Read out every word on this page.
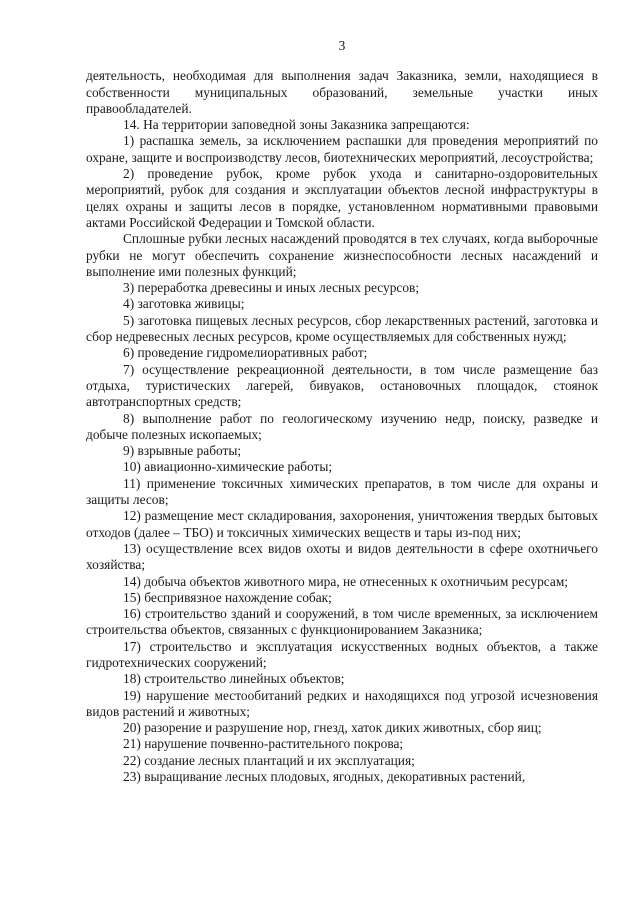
3

деятельность, необходимая для выполнения задач Заказника, земли, находящиеся в собственности муниципальных образований, земельные участки иных правообладателей.

14. На территории заповедной зоны Заказника запрещаются:

1) распашка земель, за исключением распашки для проведения мероприятий по охране, защите и воспроизводству лесов, биотехнических мероприятий, лесоустройства;

2) проведение рубок, кроме рубок ухода и санитарно-оздоровительных мероприятий, рубок для создания и эксплуатации объектов лесной инфраструктуры в целях охраны и защиты лесов в порядке, установленном нормативными правовыми актами Российской Федерации и Томской области.

Сплошные рубки лесных насаждений проводятся в тех случаях, когда выборочные рубки не могут обеспечить сохранение жизнеспособности лесных насаждений и выполнение ими полезных функций;

3) переработка древесины и иных лесных ресурсов;

4) заготовка живицы;

5) заготовка пищевых лесных ресурсов, сбор лекарственных растений, заготовка и сбор недревесных лесных ресурсов, кроме осуществляемых для собственных нужд;

6) проведение гидромелиоративных работ;

7) осуществление рекреационной деятельности, в том числе размещение баз отдыха, туристических лагерей, бивуаков, остановочных площадок, стоянок автотранспортных средств;

8) выполнение работ по геологическому изучению недр, поиску, разведке и добыче полезных ископаемых;

9) взрывные работы;

10) авиационно-химические работы;

11) применение токсичных химических препаратов, в том числе для охраны и защиты лесов;

12) размещение мест складирования, захоронения, уничтожения твердых бытовых отходов (далее – ТБО) и токсичных химических веществ и тары из-под них;

13) осуществление всех видов охоты и видов деятельности в сфере охотничьего хозяйства;

14) добыча объектов животного мира, не отнесенных к охотничьим ресурсам;

15) беспривязное нахождение собак;

16) строительство зданий и сооружений, в том числе временных, за исключением строительства объектов, связанных с функционированием Заказника;

17) строительство и эксплуатация искусственных водных объектов, а также гидротехнических сооружений;

18) строительство линейных объектов;

19) нарушение местообитаний редких и находящихся под угрозой исчезновения видов растений и животных;

20) разорение и разрушение нор, гнезд, хаток диких животных, сбор яиц;

21) нарушение почвенно-растительного покрова;

22) создание лесных плантаций и их эксплуатация;

23) выращивание лесных плодовых, ягодных, декоративных растений,
